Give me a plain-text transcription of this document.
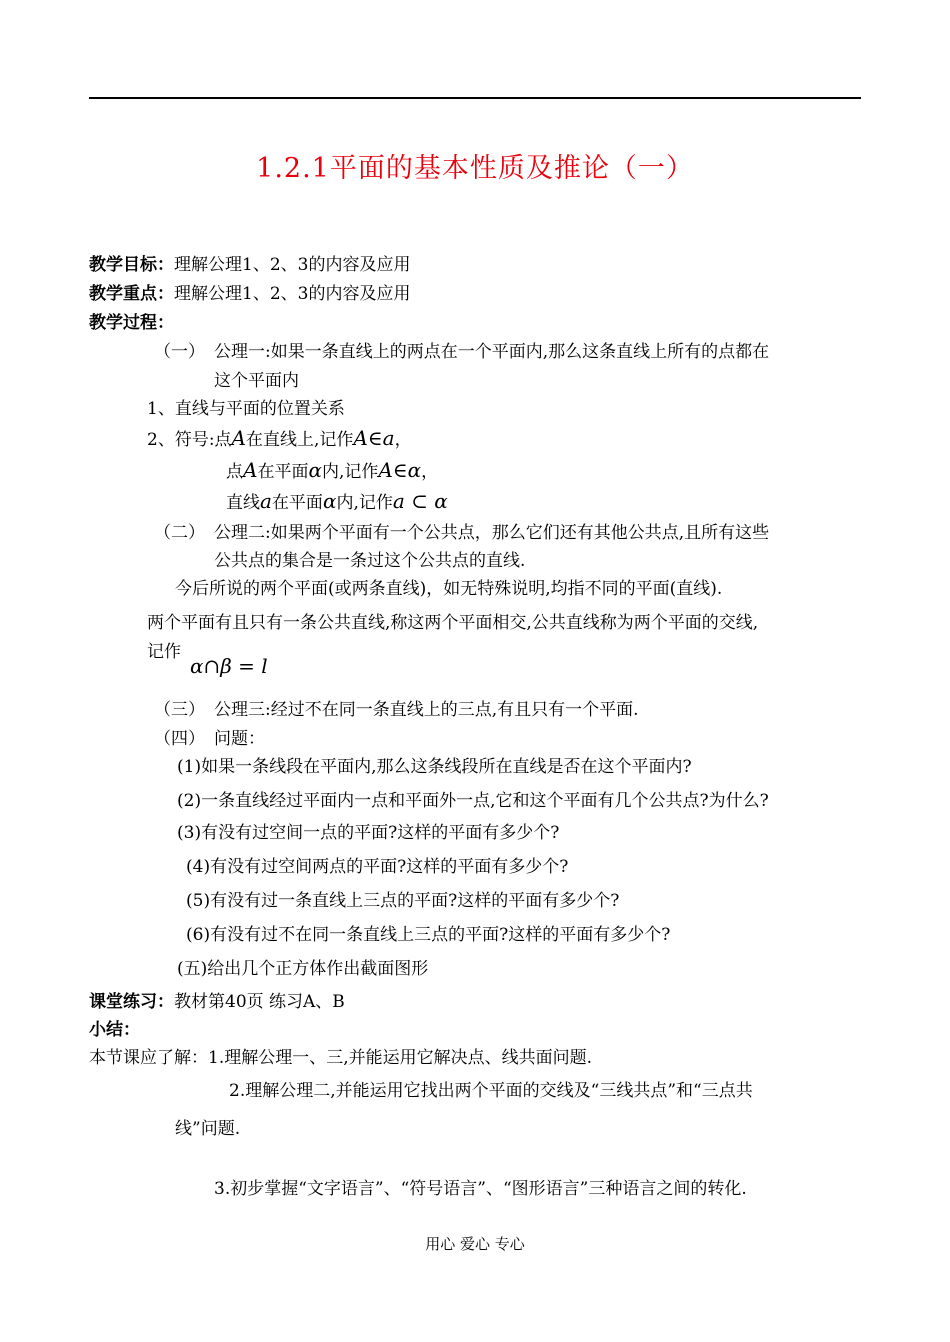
1.2.1平面的基本性质及推论（一）
教学目标：理解公理1、2、3的内容及应用
教学重点：理解公理1、2、3的内容及应用
教学过程：
（一） 公理一:如果一条直线上的两点在一个平面内,那么这条直线上所有的点都在
这个平面内
1、直线与平面的位置关系
2、符号:点A在直线上,记作A∈a，
点A在平面α内,记作A∈α，
直线a在平面α内,记作a ⊂ α
（二） 公理二:如果两个平面有一个公共点，那么它们还有其他公共点,且所有这些
公共点的集合是一条过这个公共点的直线.
今后所说的两个平面(或两条直线)，如无特殊说明,均指不同的平面(直线).
两个平面有且只有一条公共直线,称这两个平面相交,公共直线称为两个平面的交线,
记作
α∩β = l
（三） 公理三:经过不在同一条直线上的三点,有且只有一个平面.
（四） 问题：
(1)如果一条线段在平面内,那么这条线段所在直线是否在这个平面内?
(2)一条直线经过平面内一点和平面外一点,它和这个平面有几个公共点?为什么?
(3)有没有过空间一点的平面?这样的平面有多少个?
(4)有没有过空间两点的平面?这样的平面有多少个?
(5)有没有过一条直线上三点的平面?这样的平面有多少个?
(6)有没有过不在同一条直线上三点的平面?这样的平面有多少个?
(五)给出几个正方体作出截面图形
课堂练习：教材第40页 练习A、B
小结：
本节课应了解：1.理解公理一、三,并能运用它解决点、线共面问题.
2.理解公理二,并能运用它找出两个平面的交线及“三线共点”和“三点共
线”问题.
3.初步掌握“文字语言”、“符号语言”、“图形语言”三种语言之间的转化.
用心 爱心 专心
